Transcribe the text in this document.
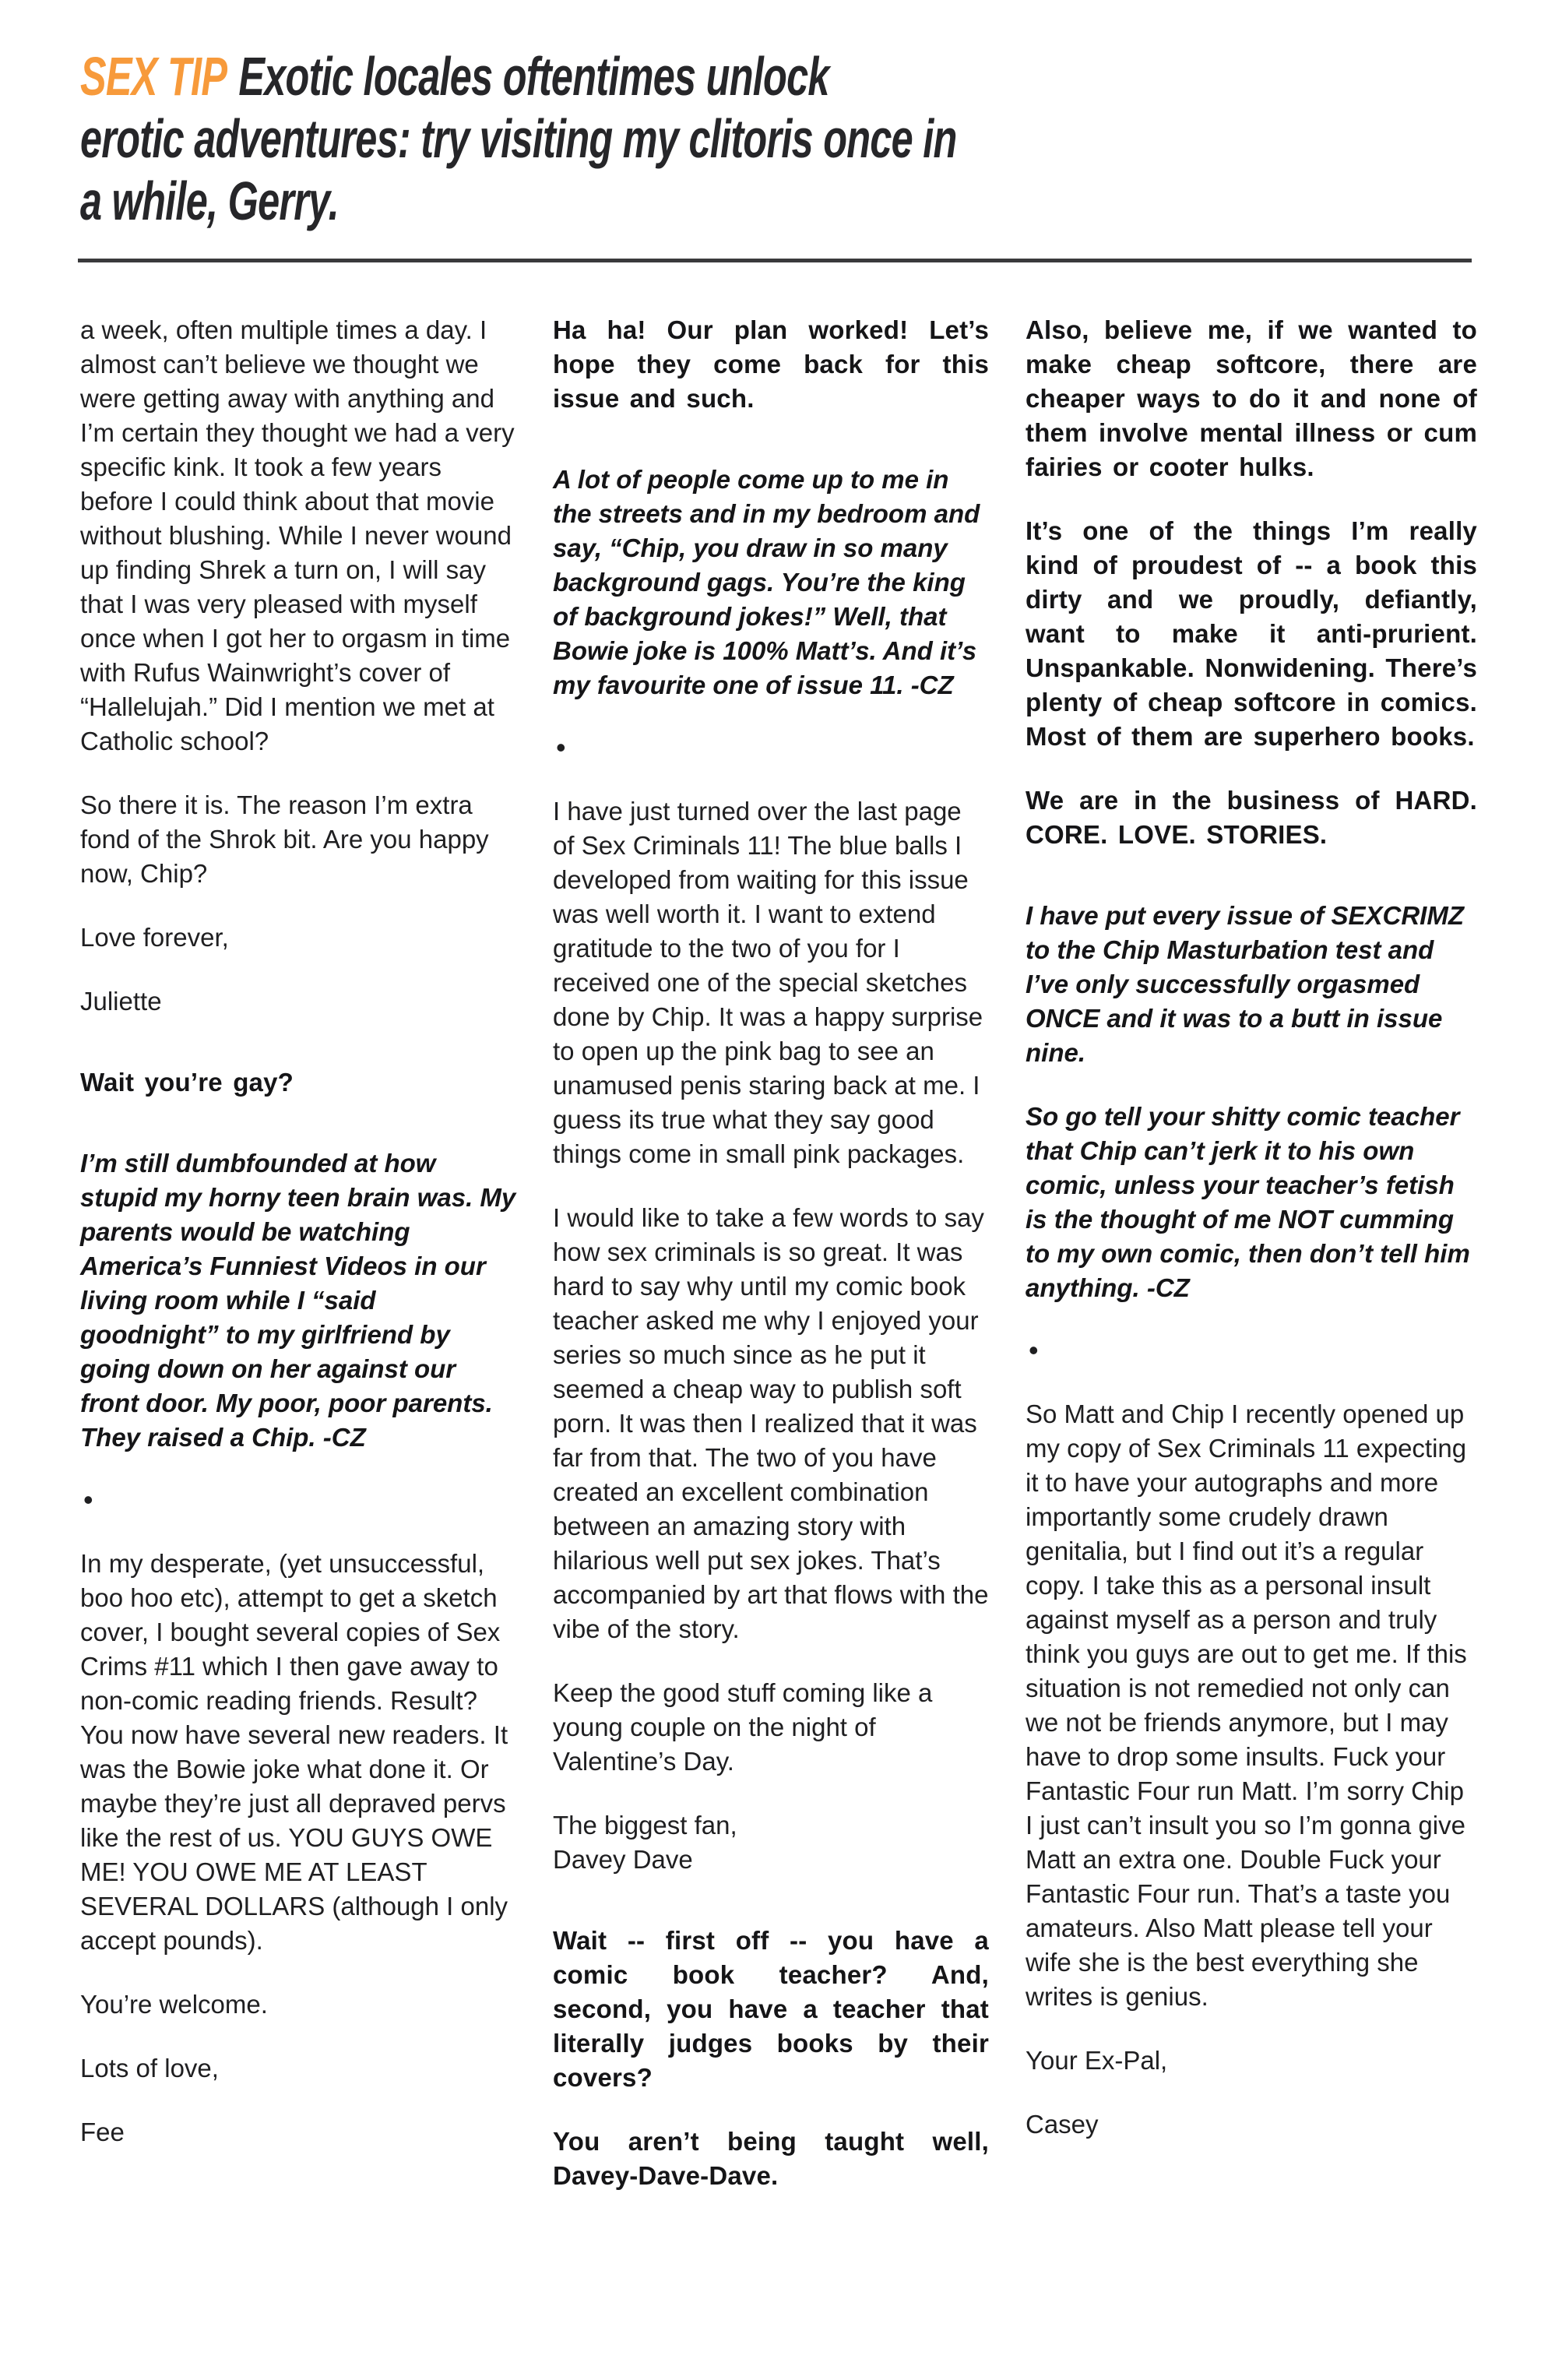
SEX TIP Exotic locales oftentimes unlock
erotic adventures: try visiting my clitoris once in
a while, Gerry.

a week, often multiple times a day. I almost can’t believe we thought we were getting away with anything and I’m certain they thought we had a very specific kink. It took a few years before I could think about that movie without blushing. While I never wound up finding Shrek a turn on, I will say that I was very pleased with myself once when I got her to orgasm in time with Rufus Wainwright’s cover of “Hallelujah.” Did I mention we met at Catholic school?

So there it is. The reason I’m extra fond of the Shrok bit. Are you happy now, Chip?

Love forever,

Juliette

Wait you’re gay?

I’m still dumbfounded at how stupid my horny teen brain was. My parents would be watching America’s Funniest Videos in our living room while I “said goodnight” to my girlfriend by going down on her against our front door. My poor, poor parents. They raised a Chip. -CZ

•

In my desperate, (yet unsuccessful, boo hoo etc), attempt to get a sketch cover, I bought several copies of Sex Crims #11 which I then gave away to non-comic reading friends. Result? You now have several new readers. It was the Bowie joke what done it. Or maybe they’re just all depraved pervs like the rest of us. YOU GUYS OWE ME! YOU OWE ME AT LEAST SEVERAL DOLLARS (although I only accept pounds).

You’re welcome.

Lots of love,

Fee

Ha ha! Our plan worked! Let’s hope they come back for this issue and such.

A lot of people come up to me in the streets and in my bedroom and say, “Chip, you draw in so many background gags. You’re the king of background jokes!” Well, that Bowie joke is 100% Matt’s. And it’s my favourite one of issue 11. -CZ

•

I have just turned over the last page of Sex Criminals 11! The blue balls I developed from waiting for this issue was well worth it. I want to extend gratitude to the two of you for I received one of the special sketches done by Chip. It was a happy surprise to open up the pink bag to see an unamused penis staring back at me. I guess its true what they say good things come in small pink packages.

I would like to take a few words to say how sex criminals is so great. It was hard to say why until my comic book teacher asked me why I enjoyed your series so much since as he put it seemed a cheap way to publish soft porn. It was then I realized that it was far from that. The two of you have created an excellent combination between an amazing story with hilarious well put sex jokes. That’s accompanied by art that flows with the vibe of the story.

Keep the good stuff coming like a young couple on the night of Valentine’s Day.

The biggest fan,

Davey Dave

Wait -- first off -- you have a comic book teacher? And, second, you have a teacher that literally judges books by their covers?

You aren’t being taught well, Davey-Dave-Dave.

Also, believe me, if we wanted to make cheap softcore, there are cheaper ways to do it and none of them involve mental illness or cum fairies or cooter hulks.

It’s one of the things I’m really kind of proudest of -- a book this dirty and we proudly, defiantly, want to make it anti-prurient. Unspankable. Nonwidening. There’s plenty of cheap softcore in comics. Most of them are superhero books.

We are in the business of HARD. CORE. LOVE. STORIES.

I have put every issue of SEXCRIMZ to the Chip Masturbation test and I’ve only successfully orgasmed ONCE and it was to a butt in issue nine.

So go tell your shitty comic teacher that Chip can’t jerk it to his own comic, unless your teacher’s fetish is the thought of me NOT cumming to my own comic, then don’t tell him anything. -CZ

•

So Matt and Chip I recently opened up my copy of Sex Criminals 11 expecting it to have your autographs and more importantly some crudely drawn genitalia, but I find out it’s a regular copy. I take this as a personal insult against myself as a person and truly think you guys are out to get me. If this situation is not remedied not only can we not be friends anymore, but I may have to drop some insults. Fuck your Fantastic Four run Matt. I’m sorry Chip I just can’t insult you so I’m gonna give Matt an extra one. Double Fuck your Fantastic Four run. That’s a taste you amateurs. Also Matt please tell your wife she is the best everything she writes is genius.

Your Ex-Pal,

Casey
